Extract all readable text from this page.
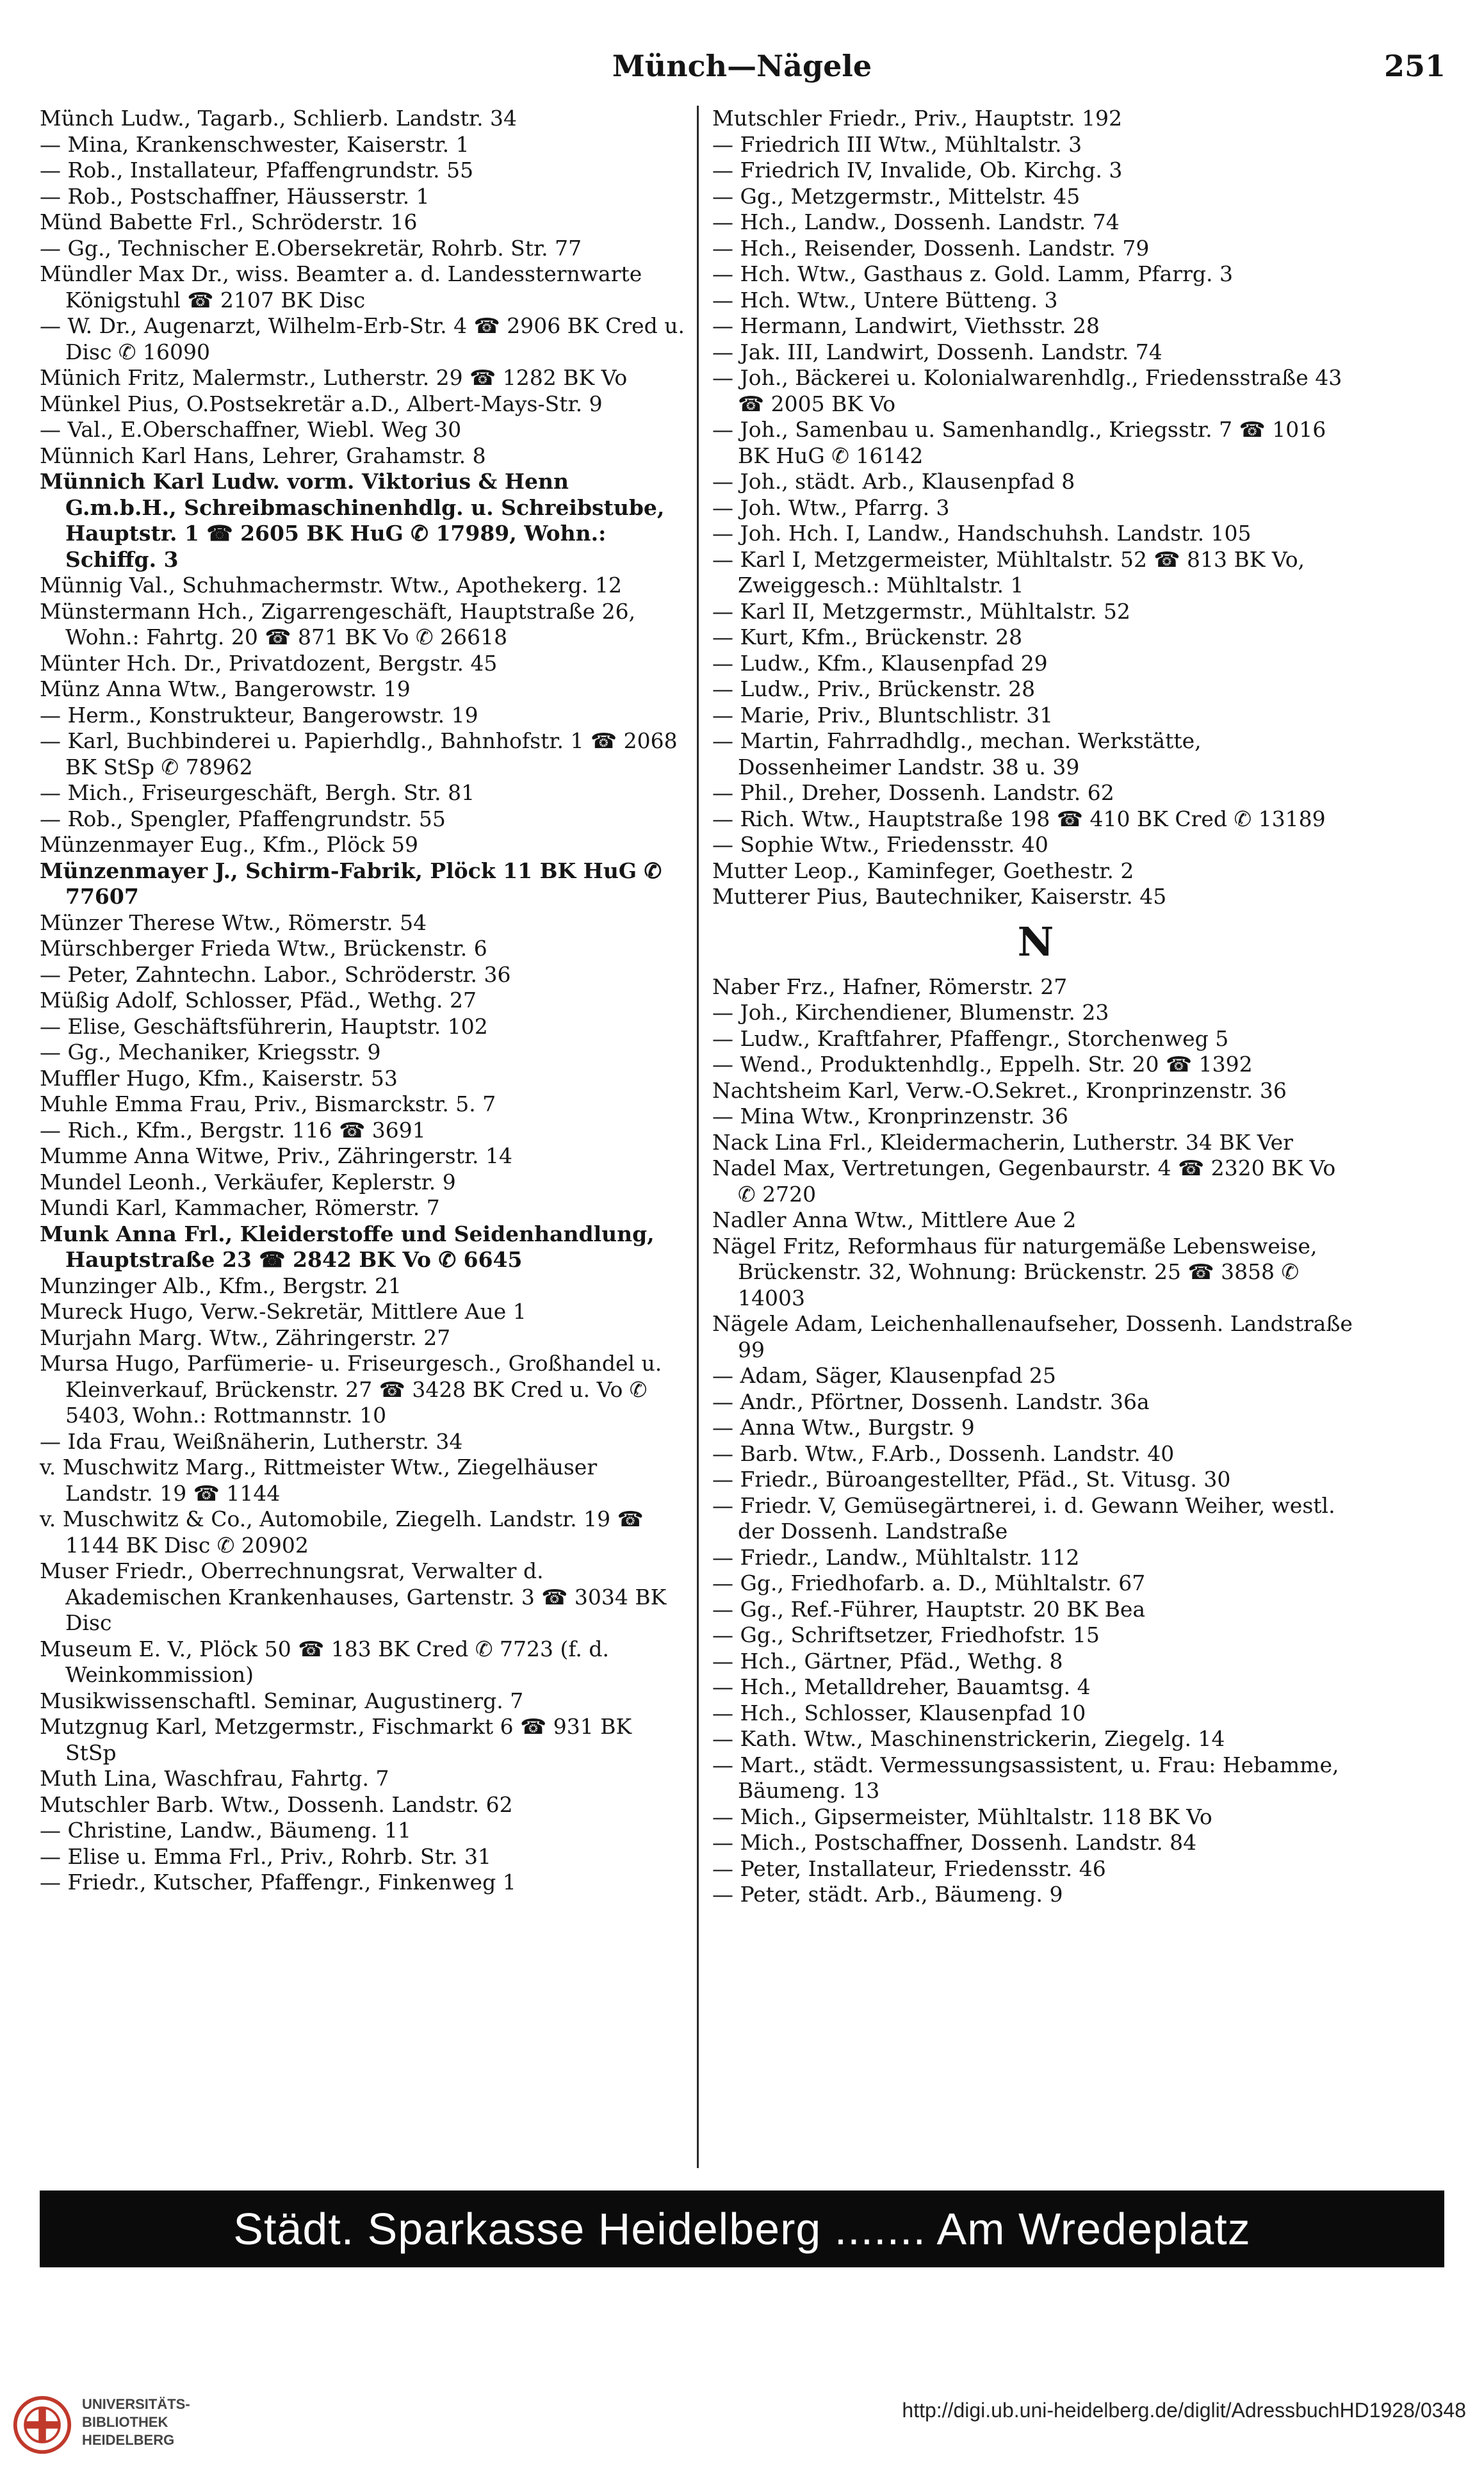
Münch—Nägele	251
Münch Ludw., Tagarb., Schlierb. Landstr. 34
— Mina, Krankenschwester, Kaiserstr. 1
— Rob., Installateur, Pfaffengrundstr. 55
— Rob., Postschaffner, Häusserstr. 1
Münd Babette Frl., Schröderstr. 16
— Gg., Technischer E.Obersekretär, Rohrb. Str. 77
Mündler Max Dr., wiss. Beamter a. d. Landessternwarte Königstuhl ☎ 2107 BK Disc
— W. Dr., Augenarzt, Wilhelm-Erb-Str. 4 ☎ 2906 BK Cred u. Disc ✆ 16090
Münich Fritz, Malermstr., Lutherstr. 29 ☎ 1282 BK Vo
Münkel Pius, O.Postsekretär a.D., Albert-Mays-Str. 9
— Val., E.Oberschaffner, Wiebl. Weg 30
Münnich Karl Hans, Lehrer, Grahamstr. 8
Münnich Karl Ludw. vorm. Viktorius & Henn G.m.b.H., Schreibmaschinenhdlg. u. Schreibstube, Hauptstr. 1 ☎ 2605 BK HuG ✆ 17989, Wohn.: Schiffg. 3
Münnig Val., Schuhmachermstr. Wtw., Apothekerg. 12
Münstermann Hch., Zigarrengeschäft, Hauptstraße 26, Wohn.: Fahrtg. 20 ☎ 871 BK Vo ✆ 26618
Münter Hch. Dr., Privatdozent, Bergstr. 45
Münz Anna Wtw., Bangerowstr. 19
— Herm., Konstrukteur, Bangerowstr. 19
— Karl, Buchbinderei u. Papierhdlg., Bahnhofstr. 1 ☎ 2068 BK StSp ✆ 78962
— Mich., Friseurgeschäft, Bergh. Str. 81
— Rob., Spengler, Pfaffengrundstr. 55
Münzenmayer Eug., Kfm., Plöck 59
Münzenmayer J., Schirm-Fabrik, Plöck 11 BK HuG ✆ 77607
Münzer Therese Wtw., Römerstr. 54
Mürschberger Frieda Wtw., Brückenstr. 6
— Peter, Zahntechn. Labor., Schröderstr. 36
Müßig Adolf, Schlosser, Pfäd., Wethg. 27
— Elise, Geschäftsführerin, Hauptstr. 102
— Gg., Mechaniker, Kriegsstr. 9
Muffler Hugo, Kfm., Kaiserstr. 53
Muhle Emma Frau, Priv., Bismarckstr. 5. 7
— Rich., Kfm., Bergstr. 116 ☎ 3691
Mumme Anna Witwe, Priv., Zähringerstr. 14
Mundel Leonh., Verkäufer, Keplerstr. 9
Mundi Karl, Kammacher, Römerstr. 7
Munk Anna Frl., Kleiderstoffe und Seidenhandlung, Hauptstraße 23 ☎ 2842 BK Vo ✆ 6645
Munzinger Alb., Kfm., Bergstr. 21
Mureck Hugo, Verw.-Sekretär, Mittlere Aue 1
Murjahn Marg. Wtw., Zähringerstr. 27
Mursa Hugo, Parfümerie- u. Friseurgesch., Großhandel u. Kleinverkauf, Brückenstr. 27 ☎ 3428 BK Cred u. Vo ✆ 5403, Wohn.: Rottmannstr. 10
— Ida Frau, Weißnäherin, Lutherstr. 34
v. Muschwitz Marg., Rittmeister Wtw., Ziegelhäuser Landstr. 19 ☎ 1144
v. Muschwitz & Co., Automobile, Ziegelh. Landstr. 19 ☎ 1144 BK Disc ✆ 20902
Muser Friedr., Oberrechnungsrat, Verwalter d. Akademischen Krankenhauses, Gartenstr. 3 ☎ 3034 BK Disc
Museum E. V., Plöck 50 ☎ 183 BK Cred ✆ 7723 (f. d. Weinkommission)
Musikwissenschaftl. Seminar, Augustinerg. 7
Mutzgnug Karl, Metzgermstr., Fischmarkt 6 ☎ 931 BK StSp
Muth Lina, Waschfrau, Fahrtg. 7
Mutschler Barb. Wtw., Dossenh. Landstr. 62
— Christine, Landw., Bäumeng. 11
— Elise u. Emma Frl., Priv., Rohrb. Str. 31
— Friedr., Kutscher, Pfaffengr., Finkenweg 1
Mutschler Friedr., Priv., Hauptstr. 192
— Friedrich III Wtw., Mühltalstr. 3
— Friedrich IV, Invalide, Ob. Kirchg. 3
— Gg., Metzgermstr., Mittelstr. 45
— Hch., Landw., Dossenh. Landstr. 74
— Hch., Reisender, Dossenh. Landstr. 79
— Hch. Wtw., Gasthaus z. Gold. Lamm, Pfarrg. 3
— Hch. Wtw., Untere Bütteng. 3
— Hermann, Landwirt, Viethsstr. 28
— Jak. III, Landwirt, Dossenh. Landstr. 74
— Joh., Bäckerei u. Kolonialwarenhdlg., Friedensstraße 43 ☎ 2005 BK Vo
— Joh., Samenbau u. Samenhandlg., Kriegsstr. 7 ☎ 1016 BK HuG ✆ 16142
— Joh., städt. Arb., Klausenpfad 8
— Joh. Wtw., Pfarrg. 3
— Joh. Hch. I, Landw., Handschuhsh. Landstr. 105
— Karl I, Metzgermeister, Mühltalstr. 52 ☎ 813 BK Vo, Zweiggesch.: Mühltalstr. 1
— Karl II, Metzgermstr., Mühltalstr. 52
— Kurt, Kfm., Brückenstr. 28
— Ludw., Kfm., Klausenpfad 29
— Ludw., Priv., Brückenstr. 28
— Marie, Priv., Bluntschlistr. 31
— Martin, Fahrradhdlg., mechan. Werkstätte, Dossenheimer Landstr. 38 u. 39
— Phil., Dreher, Dossenh. Landstr. 62
— Rich. Wtw., Hauptstraße 198 ☎ 410 BK Cred ✆ 13189
— Sophie Wtw., Friedensstr. 40
Mutter Leop., Kaminfeger, Goethestr. 2
Mutterer Pius, Bautechniker, Kaiserstr. 45
N
Naber Frz., Hafner, Römerstr. 27
— Joh., Kirchendiener, Blumenstr. 23
— Ludw., Kraftfahrer, Pfaffengr., Storchenweg 5
— Wend., Produktenhdlg., Eppelh. Str. 20 ☎ 1392
Nachtsheim Karl, Verw.-O.Sekret., Kronprinzenstr. 36
— Mina Wtw., Kronprinzenstr. 36
Nack Lina Frl., Kleidermacherin, Lutherstr. 34 BK Ver
Nadel Max, Vertretungen, Gegenbaurstr. 4 ☎ 2320 BK Vo ✆ 2720
Nadler Anna Wtw., Mittlere Aue 2
Nägel Fritz, Reformhaus für naturgemäße Lebensweise, Brückenstr. 32, Wohnung: Brückenstr. 25 ☎ 3858 ✆ 14003
Nägele Adam, Leichenhallenaufseher, Dossenh. Landstraße 99
— Adam, Säger, Klausenpfad 25
— Andr., Pförtner, Dossenh. Landstr. 36a
— Anna Wtw., Burgstr. 9
— Barb. Wtw., F.Arb., Dossenh. Landstr. 40
— Friedr., Büroangestellter, Pfäd., St. Vitusg. 30
— Friedr. V, Gemüsegärtnerei, i. d. Gewann Weiher, westl. der Dossenh. Landstraße
— Friedr., Landw., Mühltalstr. 112
— Gg., Friedhofarb. a. D., Mühltalstr. 67
— Gg., Ref.-Führer, Hauptstr. 20 BK Bea
— Gg., Schriftsetzer, Friedhofstr. 15
— Hch., Gärtner, Pfäd., Wethg. 8
— Hch., Metalldreher, Bauamtsg. 4
— Hch., Schlosser, Klausenpfad 10
— Kath. Wtw., Maschinenstrickerin, Ziegelg. 14
— Mart., städt. Vermessungsassistent, u. Frau: Hebamme, Bäumeng. 13
— Mich., Gipsermeister, Mühltalstr. 118 BK Vo
— Mich., Postschaffner, Dossenh. Landstr. 84
— Peter, Installateur, Friedensstr. 46
— Peter, städt. Arb., Bäumeng. 9
Städt. Sparkasse Heidelberg ....... Am Wredeplatz
UNIVERSITÄTS-
BIBLIOTHEK
HEIDELBERG
http://digi.ub.uni-heidelberg.de/diglit/AdressbuchHD1928/0348
